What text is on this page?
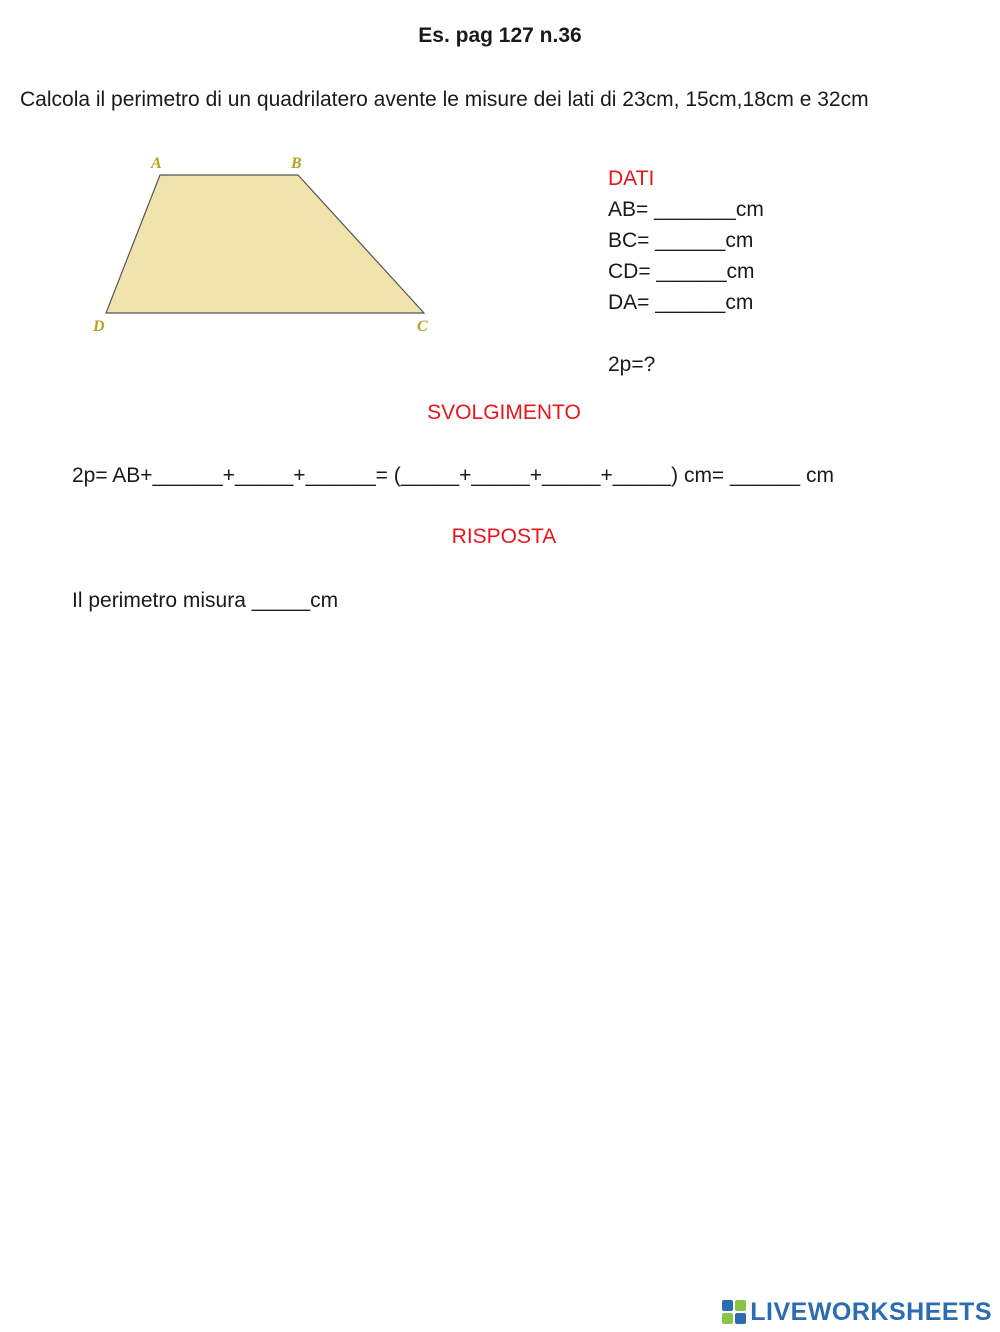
Es. pag 127 n.36
Calcola il perimetro di un quadrilatero avente le misure dei lati di 23cm, 15cm,18cm e 32cm
A	B
C
D
DATI
AB= _______cm
BC= ______cm
CD= ______cm
DA= ______cm
2p=?
SVOLGIMENTO
2p= AB+______+_____+______= (_____+_____+_____+_____) cm= ______ cm
RISPOSTA
Il perimetro misura _____cm
LIVEWORKSHEETS
